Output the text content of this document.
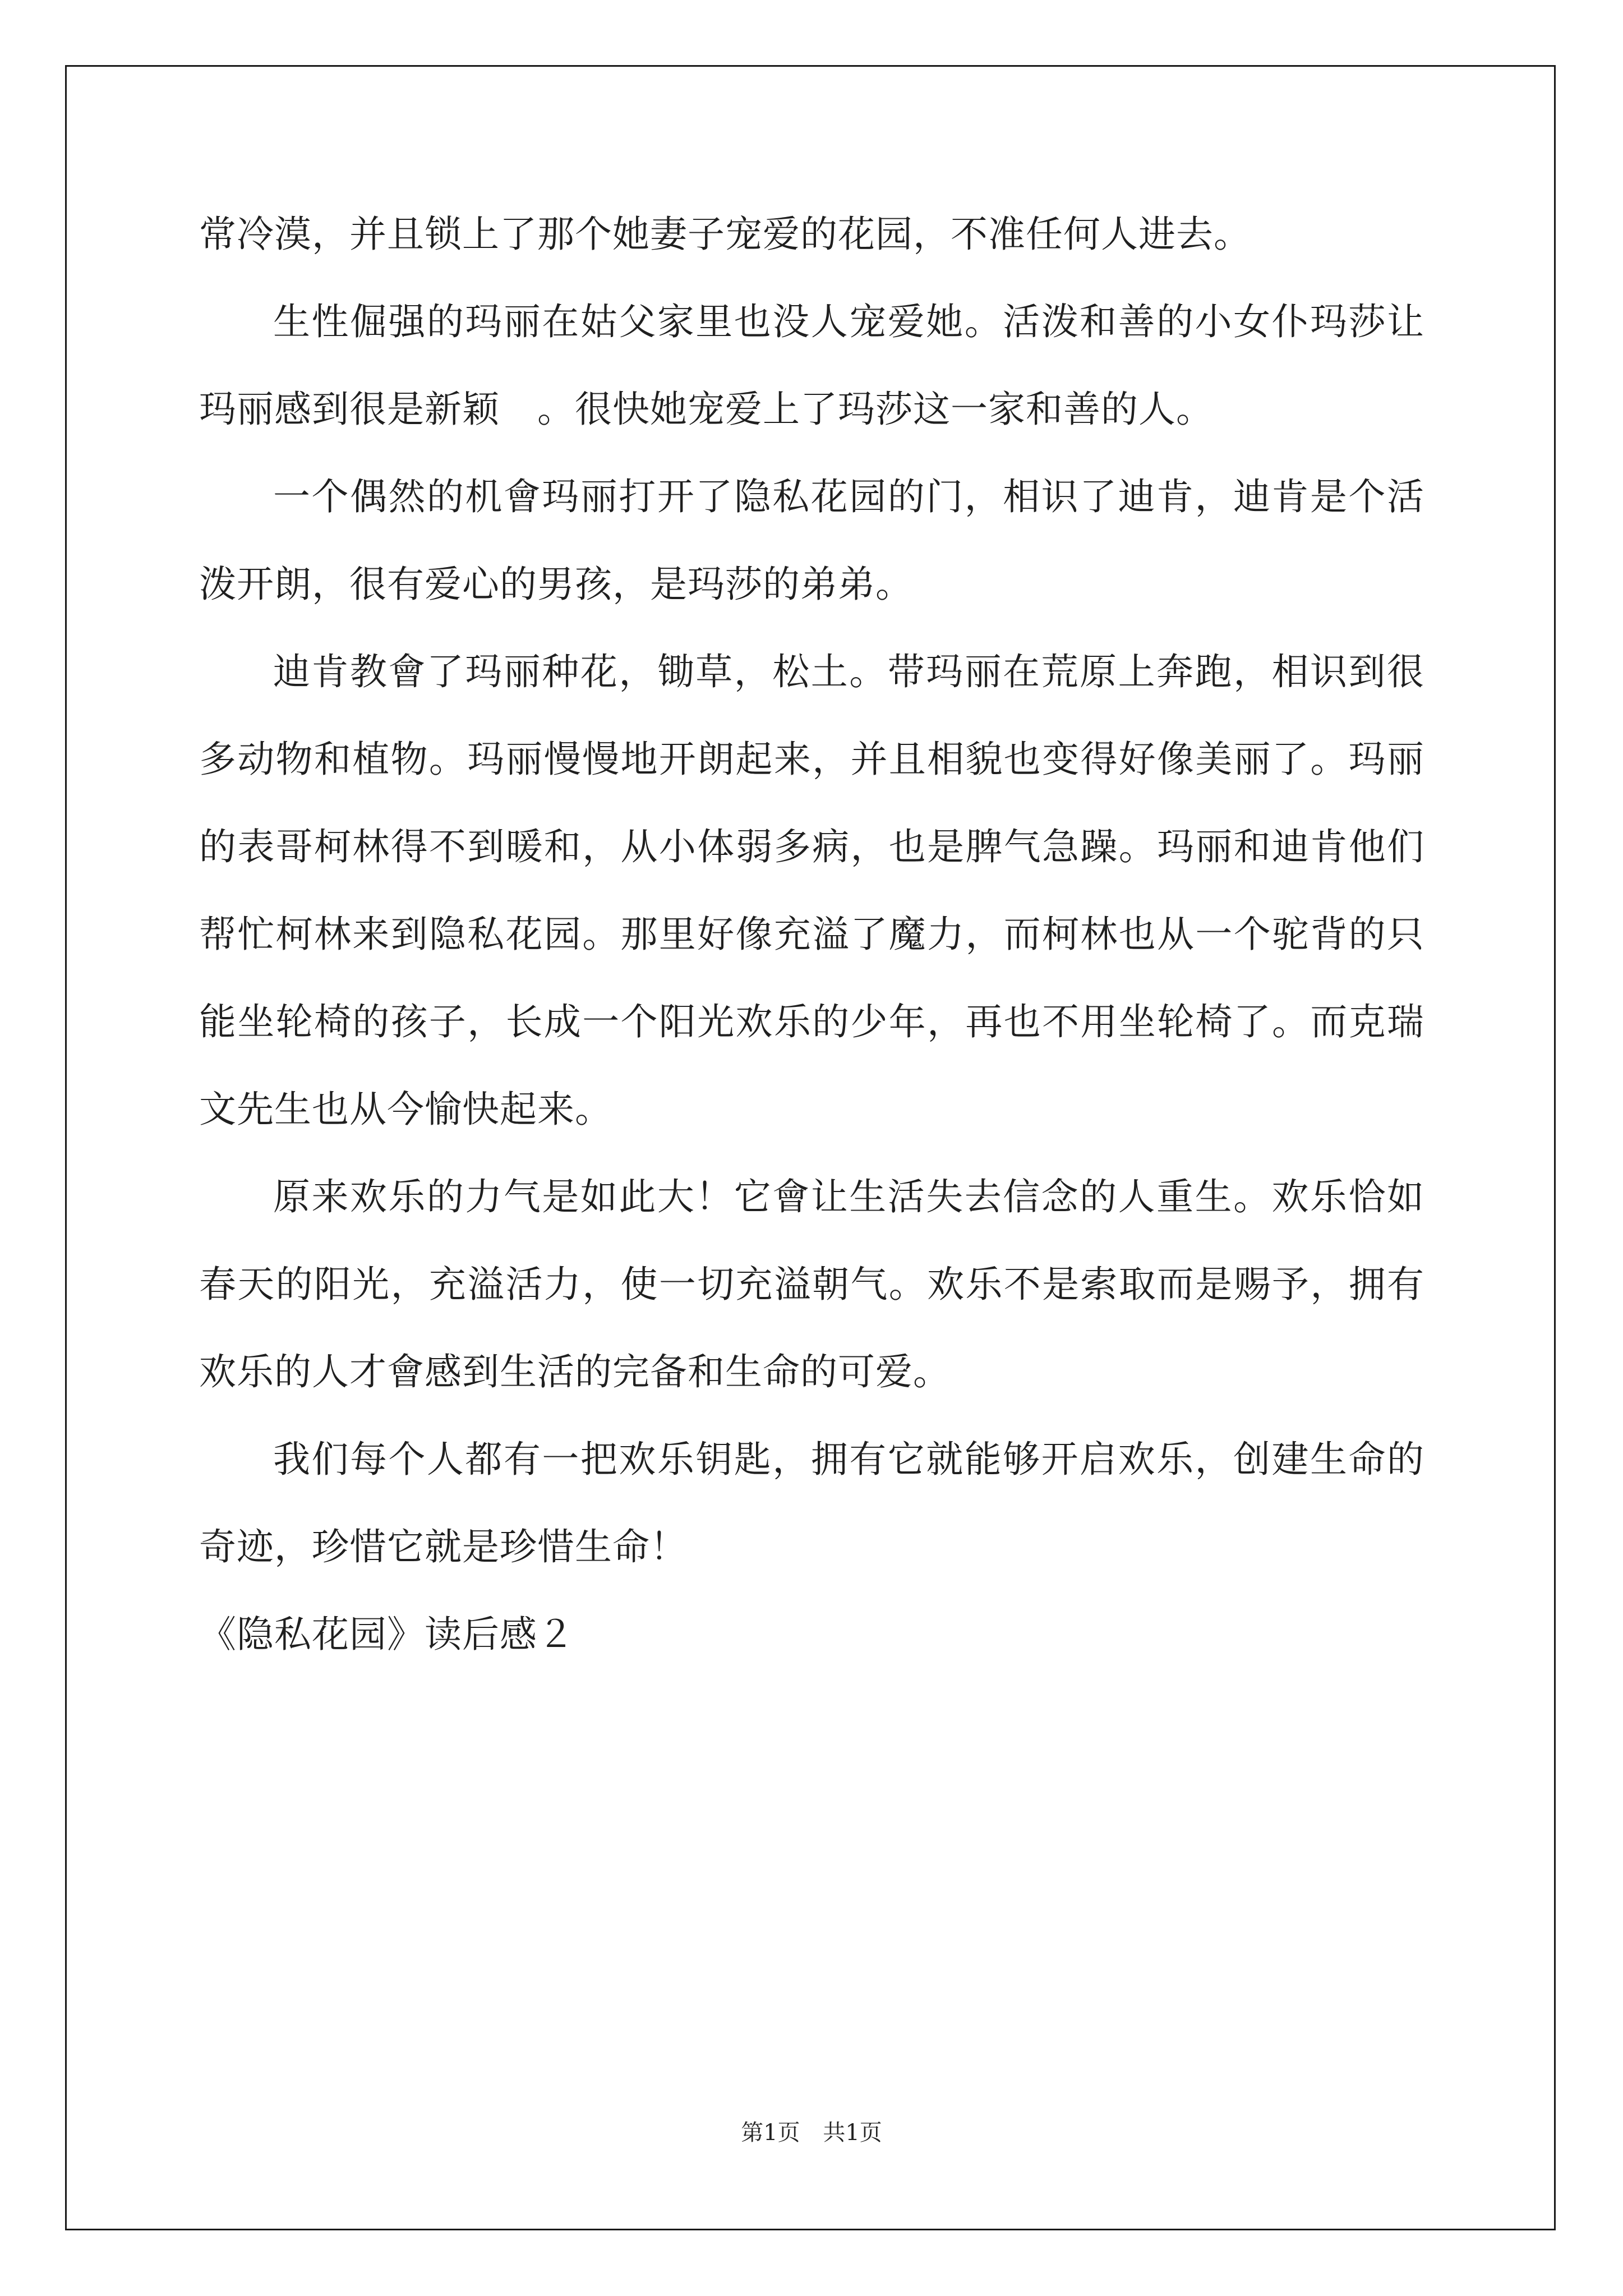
常冷漠，并且锁上了那个她妻子宠爱的花园，不准任何人进去。

生性倔强的玛丽在姑父家里也没人宠爱她。活泼和善的小女仆玛莎让玛丽感到很是新颖　。很快她宠爱上了玛莎这一家和善的人。

一个偶然的机會玛丽打开了隐私花园的门，相识了迪肯，迪肯是个活泼开朗，很有爱心的男孩，是玛莎的弟弟。

迪肯教會了玛丽种花，锄草，松土。带玛丽在荒原上奔跑，相识到很多动物和植物。玛丽慢慢地开朗起来，并且相貌也变得好像美丽了。玛丽的表哥柯林得不到暖和，从小体弱多病，也是脾气急躁。玛丽和迪肯他们帮忙柯林来到隐私花园。那里好像充溢了魔力，而柯林也从一个驼背的只能坐轮椅的孩子，长成一个阳光欢乐的少年，再也不用坐轮椅了。而克瑞文先生也从今愉快起来。

原来欢乐的力气是如此大！它會让生活失去信念的人重生。欢乐恰如春天的阳光，充溢活力，使一切充溢朝气。欢乐不是索取而是赐予，拥有欢乐的人才會感到生活的完备和生命的可爱。

我们每个人都有一把欢乐钥匙，拥有它就能够开启欢乐，创建生命的奇迹，珍惜它就是珍惜生命！

《隐私花园》读后感２

第1页 共1页
